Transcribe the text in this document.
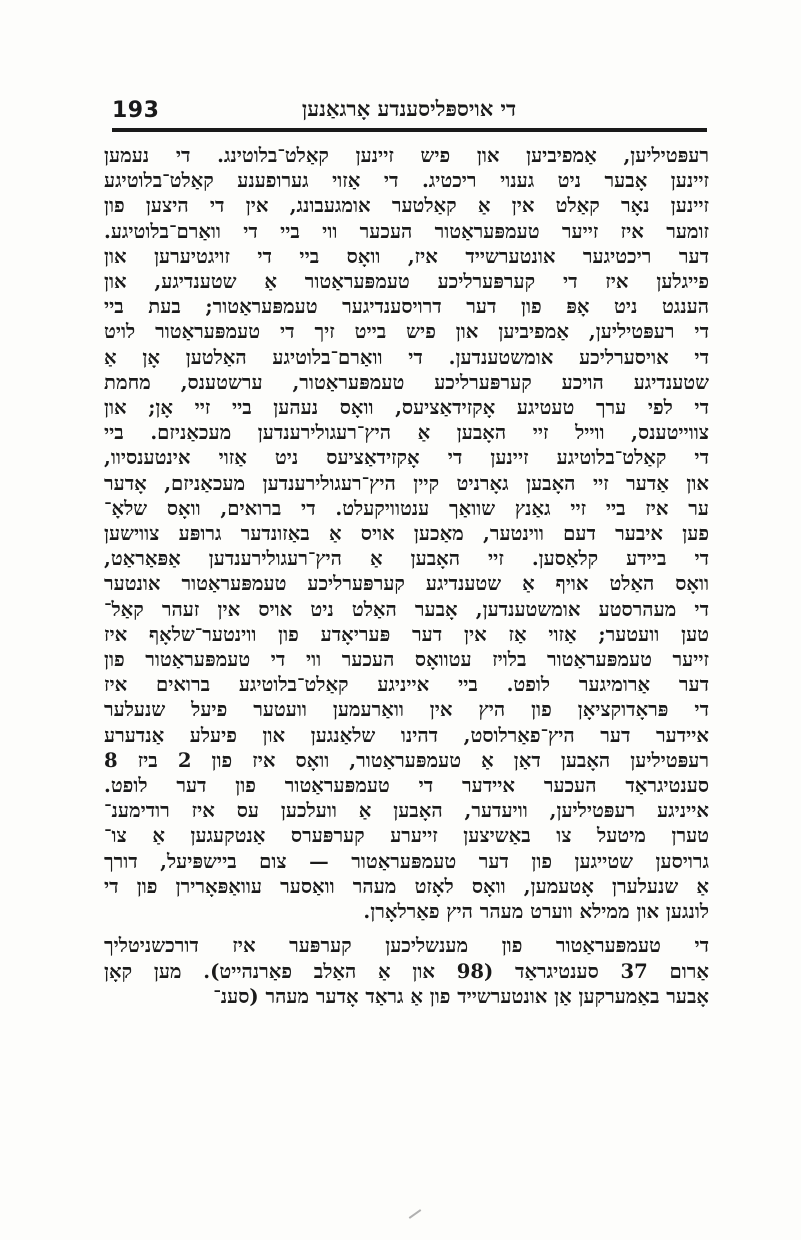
193	די אויספּליסענדע אָרגאַנען

רעפּטיליען, אַמפיביען און פיש זיינען קאַלט־בלוטינג. די נעמען
זיינען אָבער ניט גענוי ריכטיג. די אַזוי גערופענע קאַלט־בלוטיגע
זיינען נאָר קאַלט אין אַ קאַלטער אומגעבונג, אין די היצען פון
זומער איז זייער טעמפּעראַטור העכער ווי ביי די וואַרם־בלוטיגע.
דער ריכטיגער אונטערשייד איז, וואָס ביי די זויגטיערען און
פייגלען איז די קערפּערליכע טעמפּעראַטור אַ שטענדיגע, און
הענגט ניט אָפּ פון דער דרויסענדיגער טעמפּעראַטור; בעת ביי
די רעפּטיליען, אַמפיביען און פיש בייט זיך די טעמפּעראַטור לויט
די אויסערליכע אומשטענדען. די וואַרם־בלוטיגע האַלטען אָן אַ
שטענדיגע הויכע קערפּערליכע טעמפּעראַטור, ערשטענס, מחמת
די לפי ערך טעטיגע אָקזידאַציעס, וואָס נעהען ביי זיי אָן; און
צווייטענס, ווייל זיי האָבען אַ היץ־רעגולירענדען מעכאַניזם. ביי
די קאַלט־בלוטיגע זיינען די אָקזידאַציעס ניט אַזוי אינטענסיוו,
און אַדער זיי האָבען גאָרניט קיין היץ־רעגולירענדען מעכאַניזם, אָדער
ער איז ביי זיי גאַנץ שוואַך ענטוויקעלט. די ברואים, וואָס שלאָ־
פען איבער דעם ווינטער, מאַכען אויס אַ באַזונדער גרופּע צווישען
די ביידע קלאַסען. זיי האָבען אַ היץ־רעגולירענדען אַפּאַראַט,
וואָס האַלט אויף אַ שטענדיגע קערפּערליכע טעמפּעראַטור אונטער
די מעהרסטע אומשטענדען, אָבער האַלט ניט אויס אין זעהר קאַל־
טען וועטער; אַזוי אַז אין דער פּעריאָדע פון ווינטער־שלאָף איז
זייער טעמפּעראַטור בלויז עטוואָס העכער ווי די טעמפּעראַטור פון
דער אַרומיגער לופט. ביי אייניגע קאַלט־בלוטיגע ברואים איז
די פּראָדוקציאָן פון היץ אין וואַרעמען וועטער פיעל שנעלער
איידער דער היץ־פאַרלוסט, דהינו שלאַנגען און פיעלע אַנדערע
רעפּטיליען האָבען דאַן אַ טעמפּעראַטור, וואָס איז פון 2 ביז 8
סענטיגראַד העכער איידער די טעמפּעראַטור פון דער לופט.
אייניגע רעפּטיליען, וויעדער, האָבען אַ וועלכען עס איז רודימענ־
טערן מיטעל צו באַשיצען זייערע קערפּערס אַנטקעגען אַ צו־
גרויסען שטייגען פון דער טעמפּעראַטור — צום ביישפּיעל, דורך
אַ שנעלערן אָטעמען, וואָס לאָזט מעהר וואַסער עוואַפּאָרירן פון די
לונגען און ממילא ווערט מעהר היץ פאַרלאָרן.

די טעמפּעראַטור פון מענשליכען קערפּער איז דורכשניטליך
אַרום 37 סענטיגראַד (98 און אַ האַלב פאַרנהייט). מען קאָן
אָבער באַמערקען אַן אונטערשייד פון אַ גראַד אָדער מעהר (סענ־
